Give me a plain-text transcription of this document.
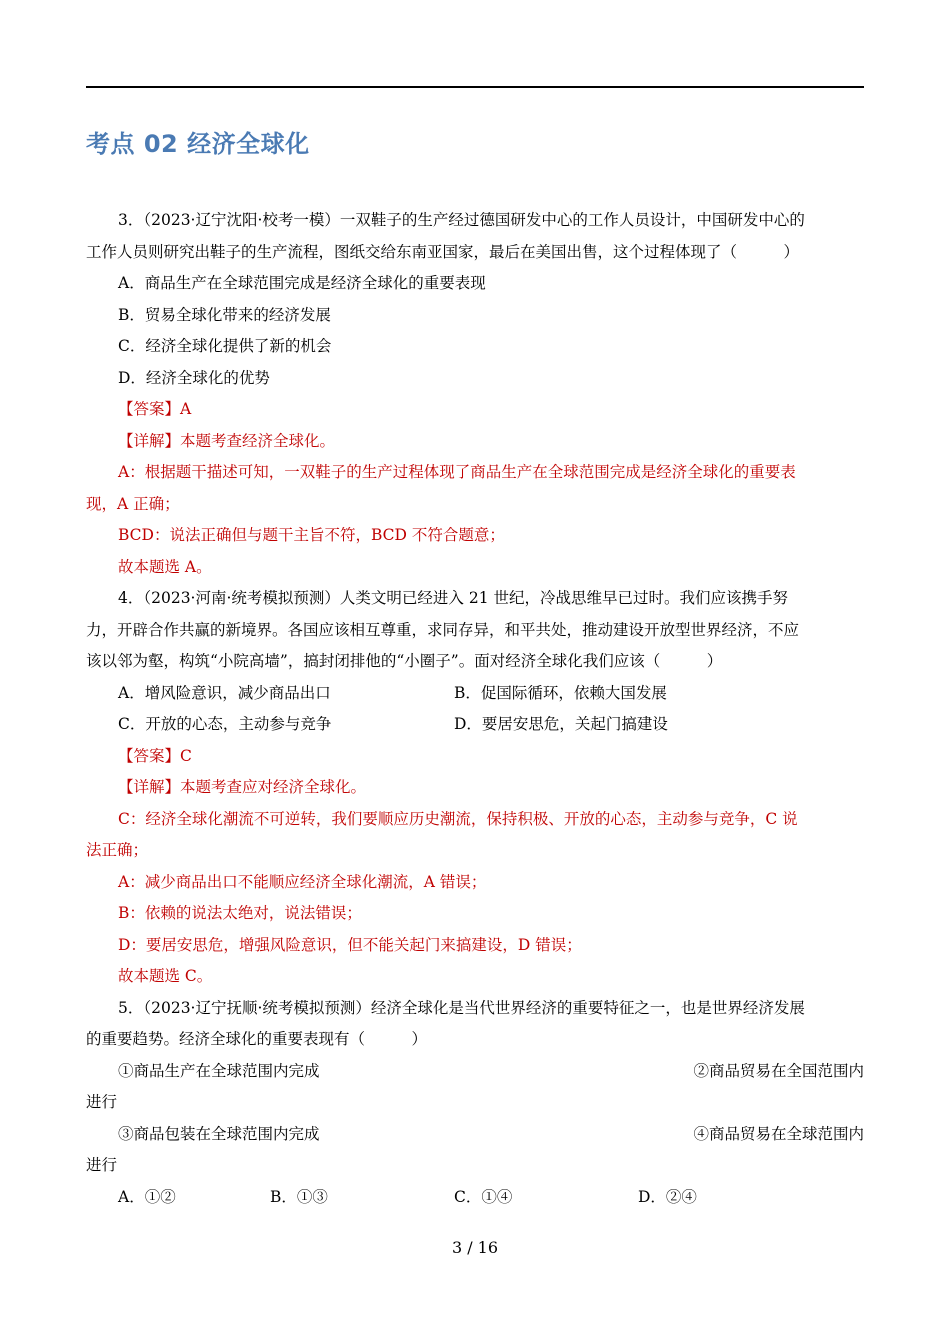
考点 02 经济全球化

3．（2023·辽宁沈阳·校考一模）一双鞋子的生产经过德国研发中心的工作人员设计，中国研发中心的

工作人员则研究出鞋子的生产流程，图纸交给东南亚国家，最后在美国出售，这个过程体现了（　　　）

A．商品生产在全球范围完成是经济全球化的重要表现

B．贸易全球化带来的经济发展

C．经济全球化提供了新的机会

D．经济全球化的优势

【答案】A

【详解】本题考查经济全球化。

A：根据题干描述可知，一双鞋子的生产过程体现了商品生产在全球范围完成是经济全球化的重要表

现，A 正确；

BCD：说法正确但与题干主旨不符，BCD 不符合题意；

故本题选 A。

4．（2023·河南·统考模拟预测）人类文明已经进入 21 世纪，冷战思维早已过时。我们应该携手努

力，开辟合作共赢的新境界。各国应该相互尊重，求同存异，和平共处，推动建设开放型世界经济，不应

该以邻为壑，构筑“小院高墙”，搞封闭排他的“小圈子”。面对经济全球化我们应该（　　　）

A．增风险意识，减少商品出口	B．促国际循环，依赖大国发展
C．开放的心态，主动参与竞争	D．要居安思危，关起门搞建设

【答案】C

【详解】本题考查应对经济全球化。

C：经济全球化潮流不可逆转，我们要顺应历史潮流，保持积极、开放的心态，主动参与竞争，C 说

法正确；

A：减少商品出口不能顺应经济全球化潮流，A 错误；

B：依赖的说法太绝对，说法错误；

D：要居安思危，增强风险意识，但不能关起门来搞建设，D 错误；

故本题选 C。

5．（2023·辽宁抚顺·统考模拟预测）经济全球化是当代世界经济的重要特征之一，也是世界经济发展

的重要趋势。经济全球化的重要表现有（　　　）

①商品生产在全球范围内完成	②商品贸易在全国范围内

进行

③商品包装在全球范围内完成	④商品贸易在全球范围内

进行

A．①②	B．①③	C．①④	D．②④
3 / 16
